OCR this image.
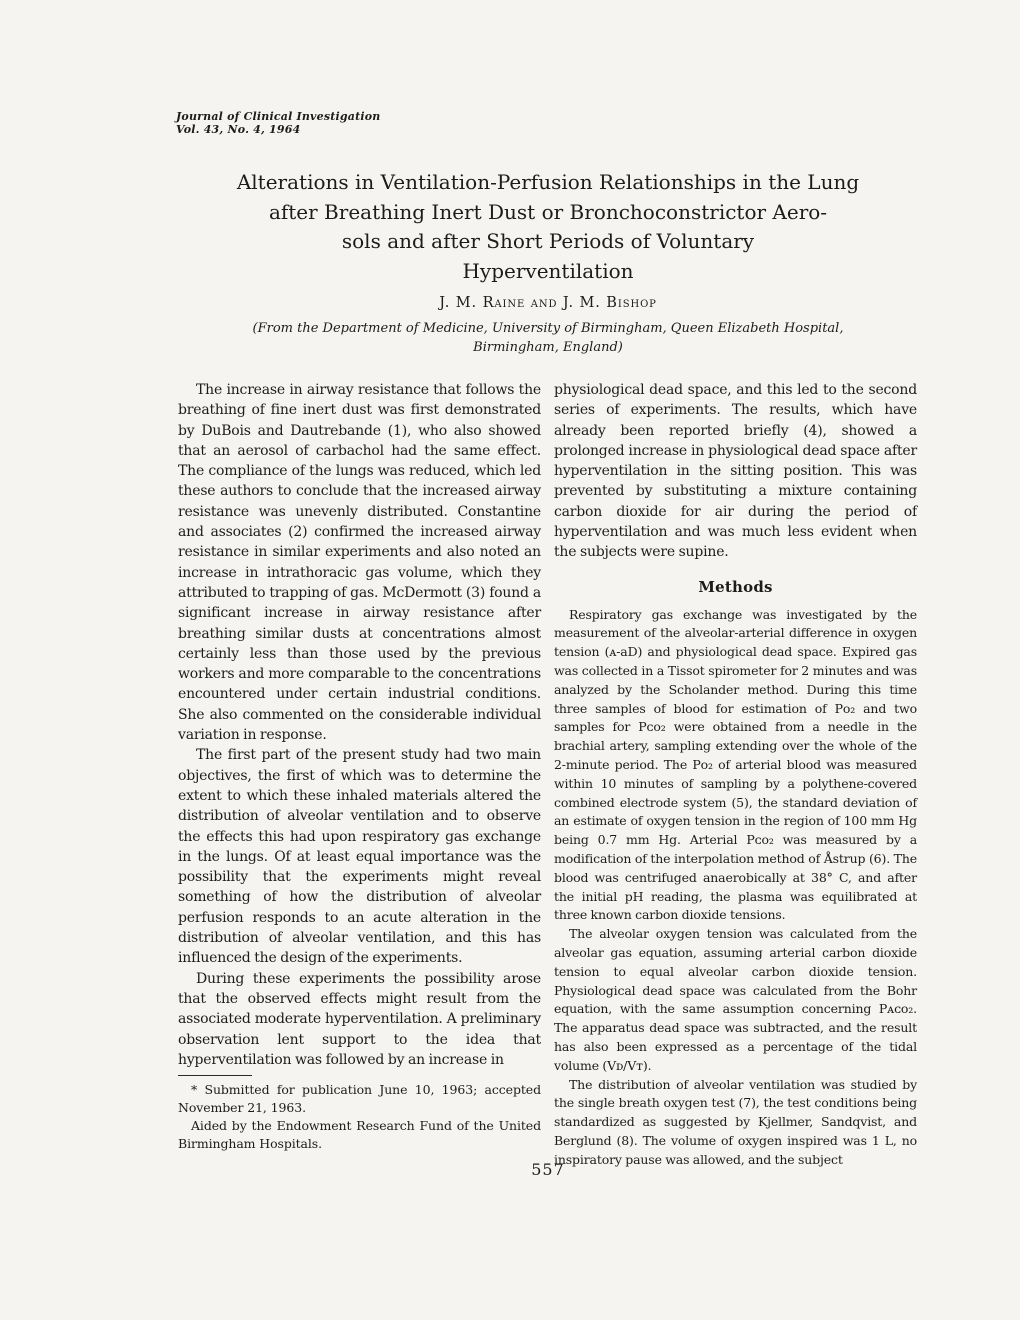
Journal of Clinical Investigation
Vol. 43, No. 4, 1964
Alterations in Ventilation-Perfusion Relationships in the Lung
after Breathing Inert Dust or Bronchoconstrictor Aero-
sols and after Short Periods of Voluntary
Hyperventilation
J. M. Raine and J. M. Bishop
(From the Department of Medicine, University of Birmingham, Queen Elizabeth Hospital,
Birmingham, England)

The increase in airway resistance that follows the breathing of fine inert dust was first demonstrated by DuBois and Dautrebande (1), who also showed that an aerosol of carbachol had the same effect. The compliance of the lungs was reduced, which led these authors to conclude that the increased airway resistance was unevenly distributed. Constantine and associates (2) confirmed the increased airway resistance in similar experiments and also noted an increase in intrathoracic gas volume, which they attributed to trapping of gas. McDermott (3) found a significant increase in airway resistance after breathing similar dusts at concentrations almost certainly less than those used by the previous workers and more comparable to the concentrations encountered under certain industrial conditions. She also commented on the considerable individual variation in response.

The first part of the present study had two main objectives, the first of which was to determine the extent to which these inhaled materials altered the distribution of alveolar ventilation and to observe the effects this had upon respiratory gas exchange in the lungs. Of at least equal importance was the possibility that the experiments might reveal something of how the distribution of alveolar perfusion responds to an acute alteration in the distribution of alveolar ventilation, and this has influenced the design of the experiments.

During these experiments the possibility arose that the observed effects might result from the associated moderate hyperventilation. A preliminary observation lent support to the idea that hyperventilation was followed by an increase in

* Submitted for publication June 10, 1963; accepted November 21, 1963.

Aided by the Endowment Research Fund of the United Birmingham Hospitals.

physiological dead space, and this led to the second series of experiments. The results, which have already been reported briefly (4), showed a prolonged increase in physiological dead space after hyperventilation in the sitting position. This was prevented by substituting a mixture containing carbon dioxide for air during the period of hyperventilation and was much less evident when the subjects were supine.

Methods

Respiratory gas exchange was investigated by the measurement of the alveolar-arterial difference in oxygen tension (ᴀ-aD) and physiological dead space. Expired gas was collected in a Tissot spirometer for 2 minutes and was analyzed by the Scholander method. During this time three samples of blood for estimation of Pᴏ₂ and two samples for Pᴄᴏ₂ were obtained from a needle in the brachial artery, sampling extending over the whole of the 2-minute period. The Pᴏ₂ of arterial blood was measured within 10 minutes of sampling by a polythene-covered combined electrode system (5), the standard deviation of an estimate of oxygen tension in the region of 100 mm Hg being 0.7 mm Hg. Arterial Pᴄᴏ₂ was measured by a modification of the interpolation method of Åstrup (6). The blood was centrifuged anaerobically at 38° C, and after the initial pH reading, the plasma was equilibrated at three known carbon dioxide tensions.

The alveolar oxygen tension was calculated from the alveolar gas equation, assuming arterial carbon dioxide tension to equal alveolar carbon dioxide tension. Physiological dead space was calculated from the Bohr equation, with the same assumption concerning Pᴀᴄᴏ₂. The apparatus dead space was subtracted, and the result has also been expressed as a percentage of the tidal volume (Vᴅ/Vᴛ).

The distribution of alveolar ventilation was studied by the single breath oxygen test (7), the test conditions being standardized as suggested by Kjellmer, Sandqvist, and Berglund (8). The volume of oxygen inspired was 1 L, no inspiratory pause was allowed, and the subject

557
